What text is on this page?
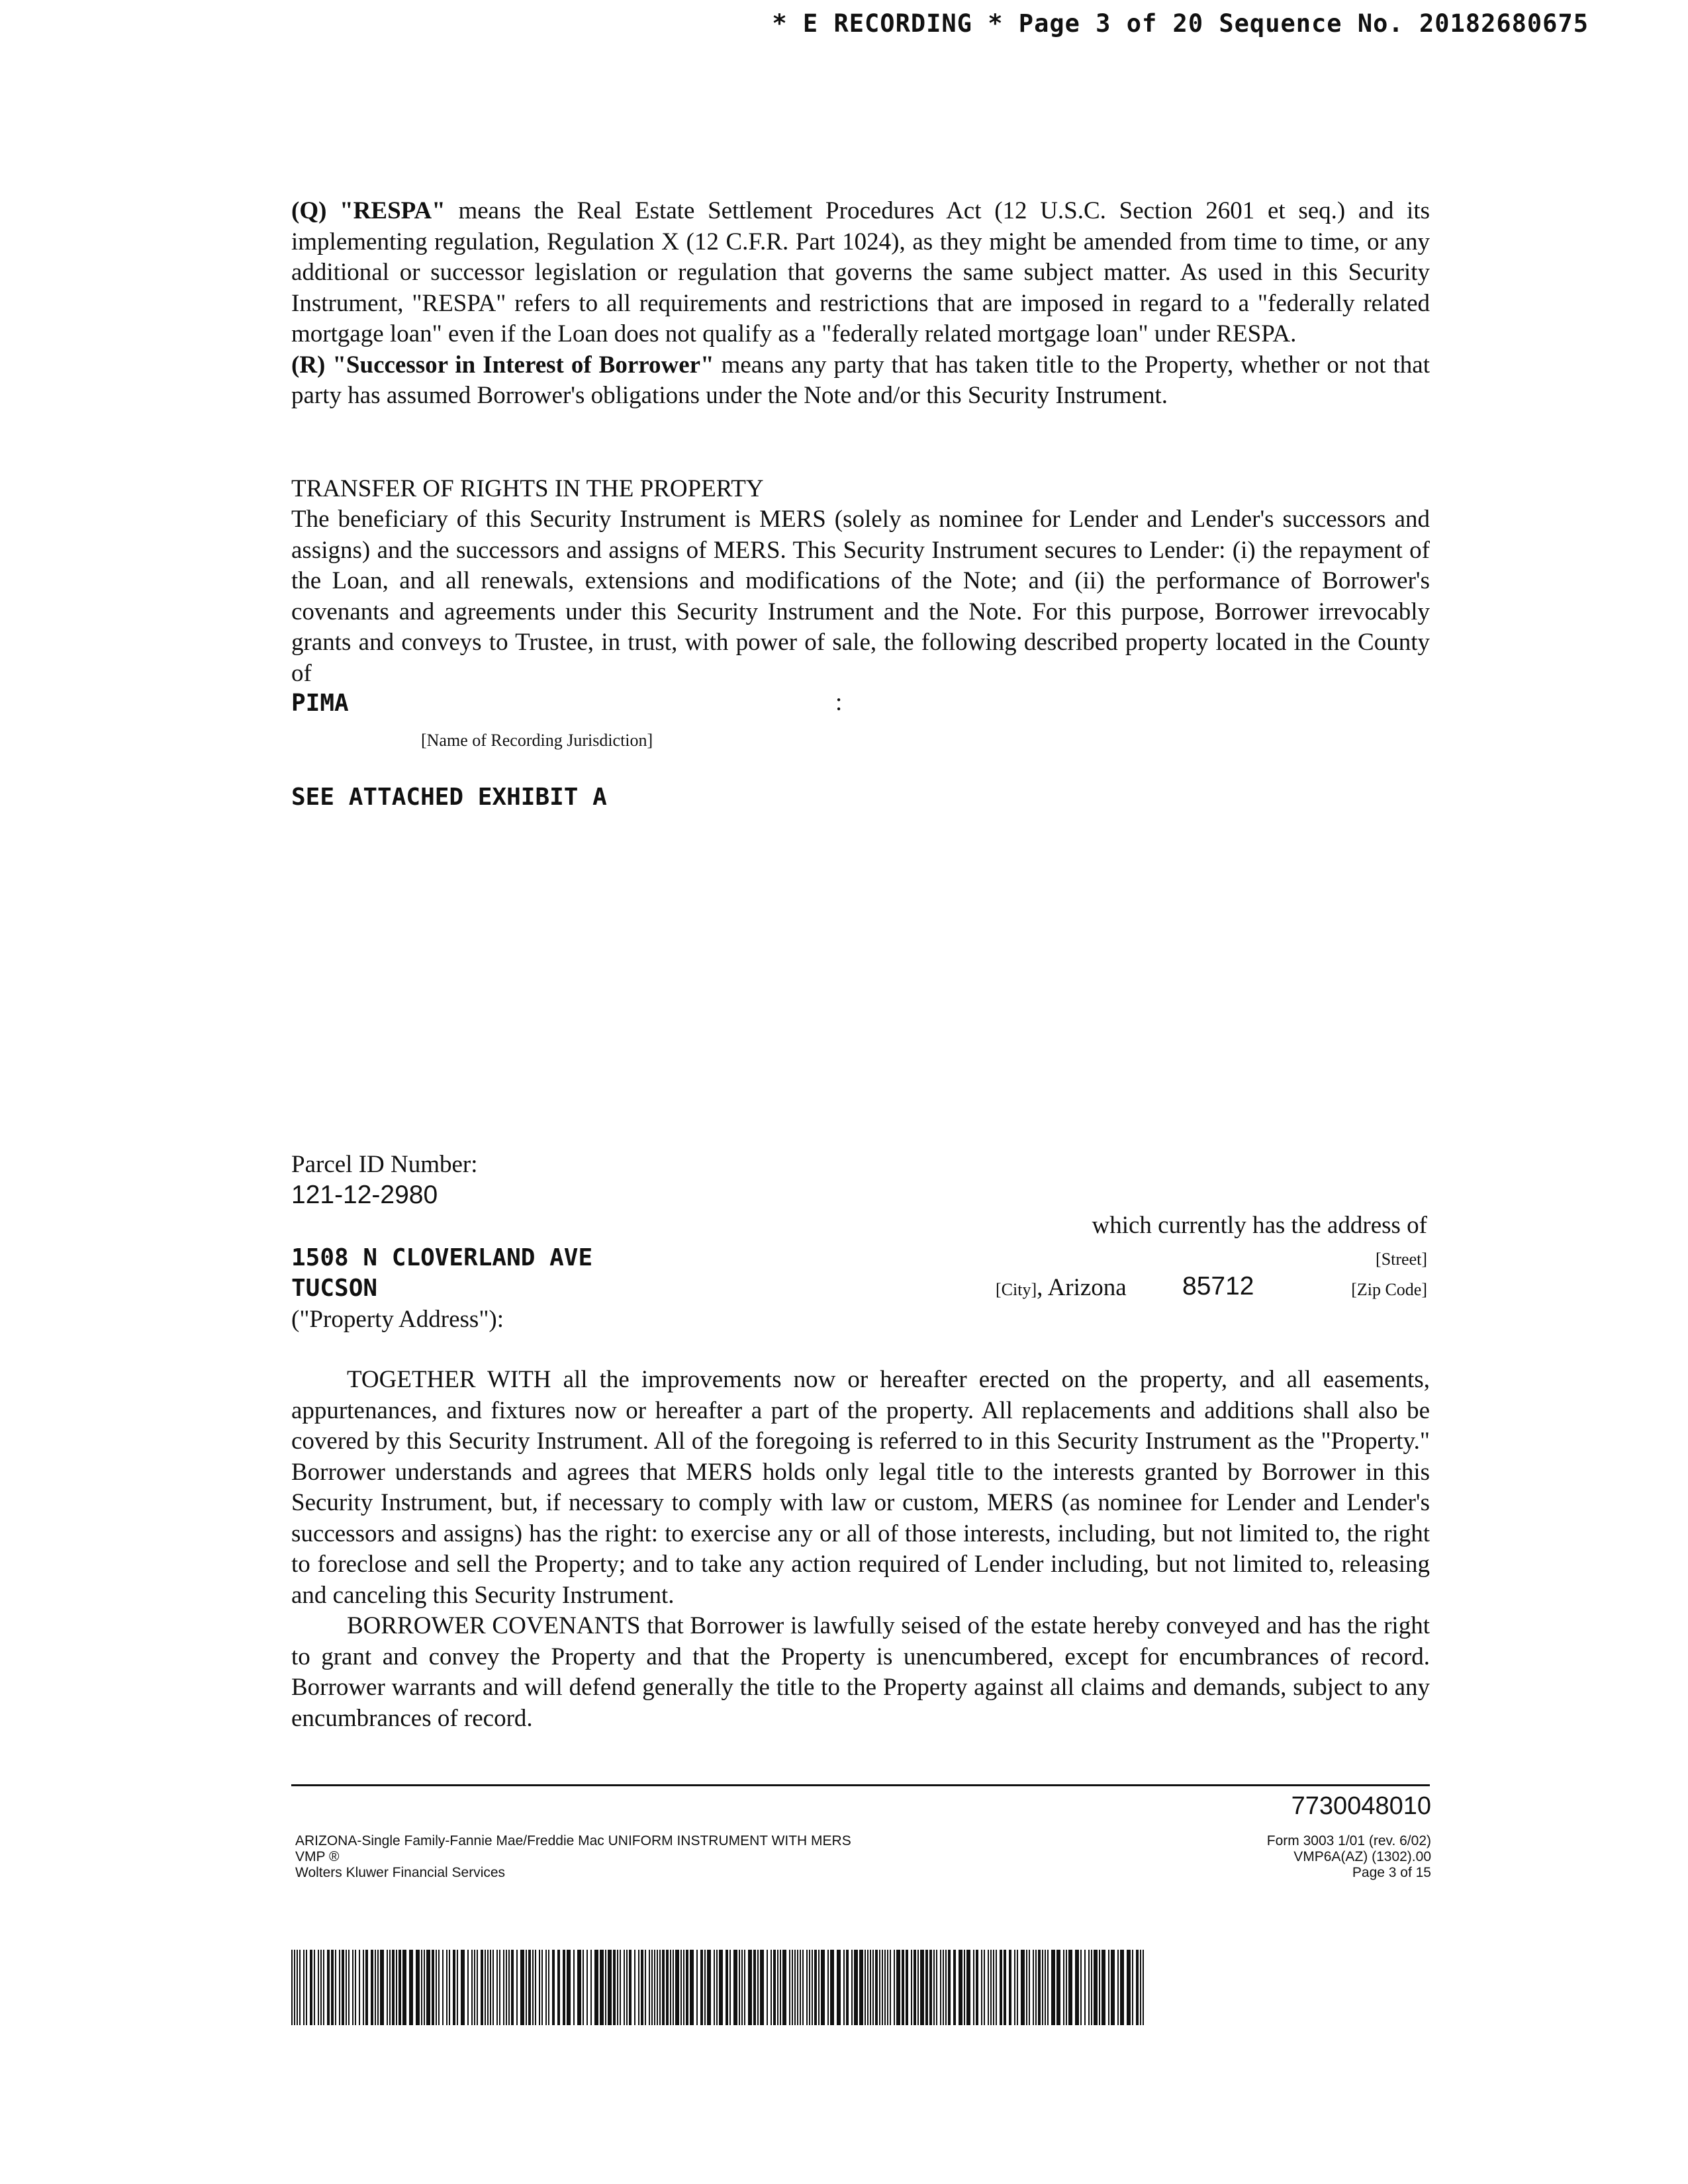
* E RECORDING * Page 3 of 20 Sequence No. 20182680675

(Q) "RESPA" means the Real Estate Settlement Procedures Act (12 U.S.C. Section 2601 et seq.) and its implementing regulation, Regulation X (12 C.F.R. Part 1024), as they might be amended from time to time, or any additional or successor legislation or regulation that governs the same subject matter. As used in this Security Instrument, "RESPA" refers to all requirements and restrictions that are imposed in regard to a "federally related mortgage loan" even if the Loan does not qualify as a "federally related mortgage loan" under RESPA.

(R) "Successor in Interest of Borrower" means any party that has taken title to the Property, whether or not that party has assumed Borrower's obligations under the Note and/or this Security Instrument.

TRANSFER OF RIGHTS IN THE PROPERTY

The beneficiary of this Security Instrument is MERS (solely as nominee for Lender and Lender's successors and assigns) and the successors and assigns of MERS. This Security Instrument secures to Lender: (i) the repayment of the Loan, and all renewals, extensions and modifications of the Note; and (ii) the performance of Borrower's covenants and agreements under this Security Instrument and the Note. For this purpose, Borrower irrevocably grants and conveys to Trustee, in trust, with power of sale, the following described property located in the County of

PIMA	:
[Name of Recording Jurisdiction]
SEE ATTACHED EXHIBIT A
Parcel ID Number:
121-12-2980
which currently has the address of
1508 N CLOVERLAND AVE	[Street]
TUCSON	[City], Arizona 85712	[Zip Code]
("Property Address"):

TOGETHER WITH all the improvements now or hereafter erected on the property, and all easements, appurtenances, and fixtures now or hereafter a part of the property. All replacements and additions shall also be covered by this Security Instrument. All of the foregoing is referred to in this Security Instrument as the "Property." Borrower understands and agrees that MERS holds only legal title to the interests granted by Borrower in this Security Instrument, but, if necessary to comply with law or custom, MERS (as nominee for Lender and Lender's successors and assigns) has the right: to exercise any or all of those interests, including, but not limited to, the right to foreclose and sell the Property; and to take any action required of Lender including, but not limited to, releasing and canceling this Security Instrument.

BORROWER COVENANTS that Borrower is lawfully seised of the estate hereby conveyed and has the right to grant and convey the Property and that the Property is unencumbered, except for encumbrances of record. Borrower warrants and will defend generally the title to the Property against all claims and demands, subject to any encumbrances of record.

7730048010
ARIZONA-Single Family-Fannie Mae/Freddie Mac UNIFORM INSTRUMENT WITH MERS
VMP ®
Wolters Kluwer Financial Services
Form 3003 1/01 (rev. 6/02)
VMP6A(AZ) (1302).00
Page 3 of 15
